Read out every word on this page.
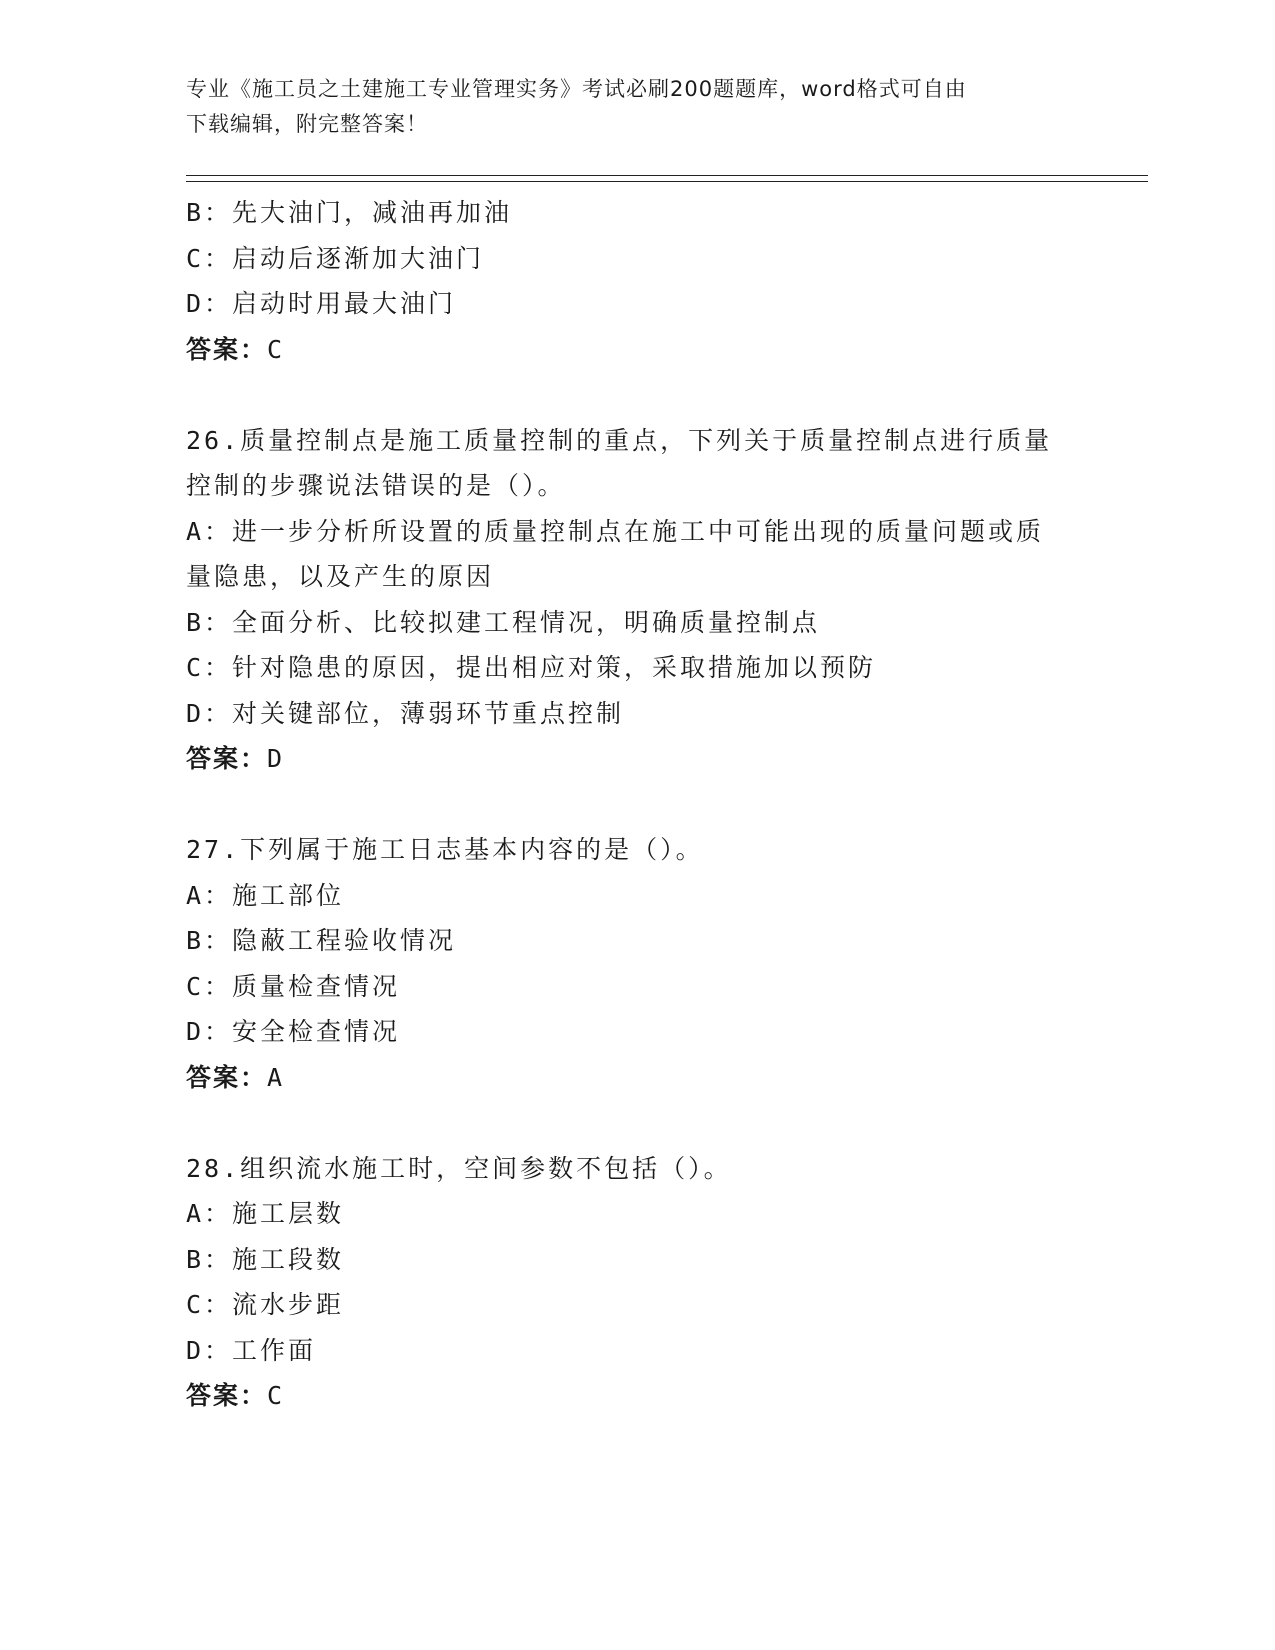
专业《施工员之土建施工专业管理实务》考试必刷200题题库，word格式可自由
下载编辑，附完整答案！
B：先大油门，减油再加油
C：启动后逐渐加大油门
D：启动时用最大油门
答案：C
26.质量控制点是施工质量控制的重点，下列关于质量控制点进行质量
控制的步骤说法错误的是（）。
A：进一步分析所设置的质量控制点在施工中可能出现的质量问题或质
量隐患，以及产生的原因
B：全面分析、比较拟建工程情况，明确质量控制点
C：针对隐患的原因，提出相应对策，采取措施加以预防
D：对关键部位，薄弱环节重点控制
答案：D
27.下列属于施工日志基本内容的是（）。
A：施工部位
B：隐蔽工程验收情况
C：质量检查情况
D：安全检查情况
答案：A
28.组织流水施工时，空间参数不包括（）。
A：施工层数
B：施工段数
C：流水步距
D：工作面
答案：C
